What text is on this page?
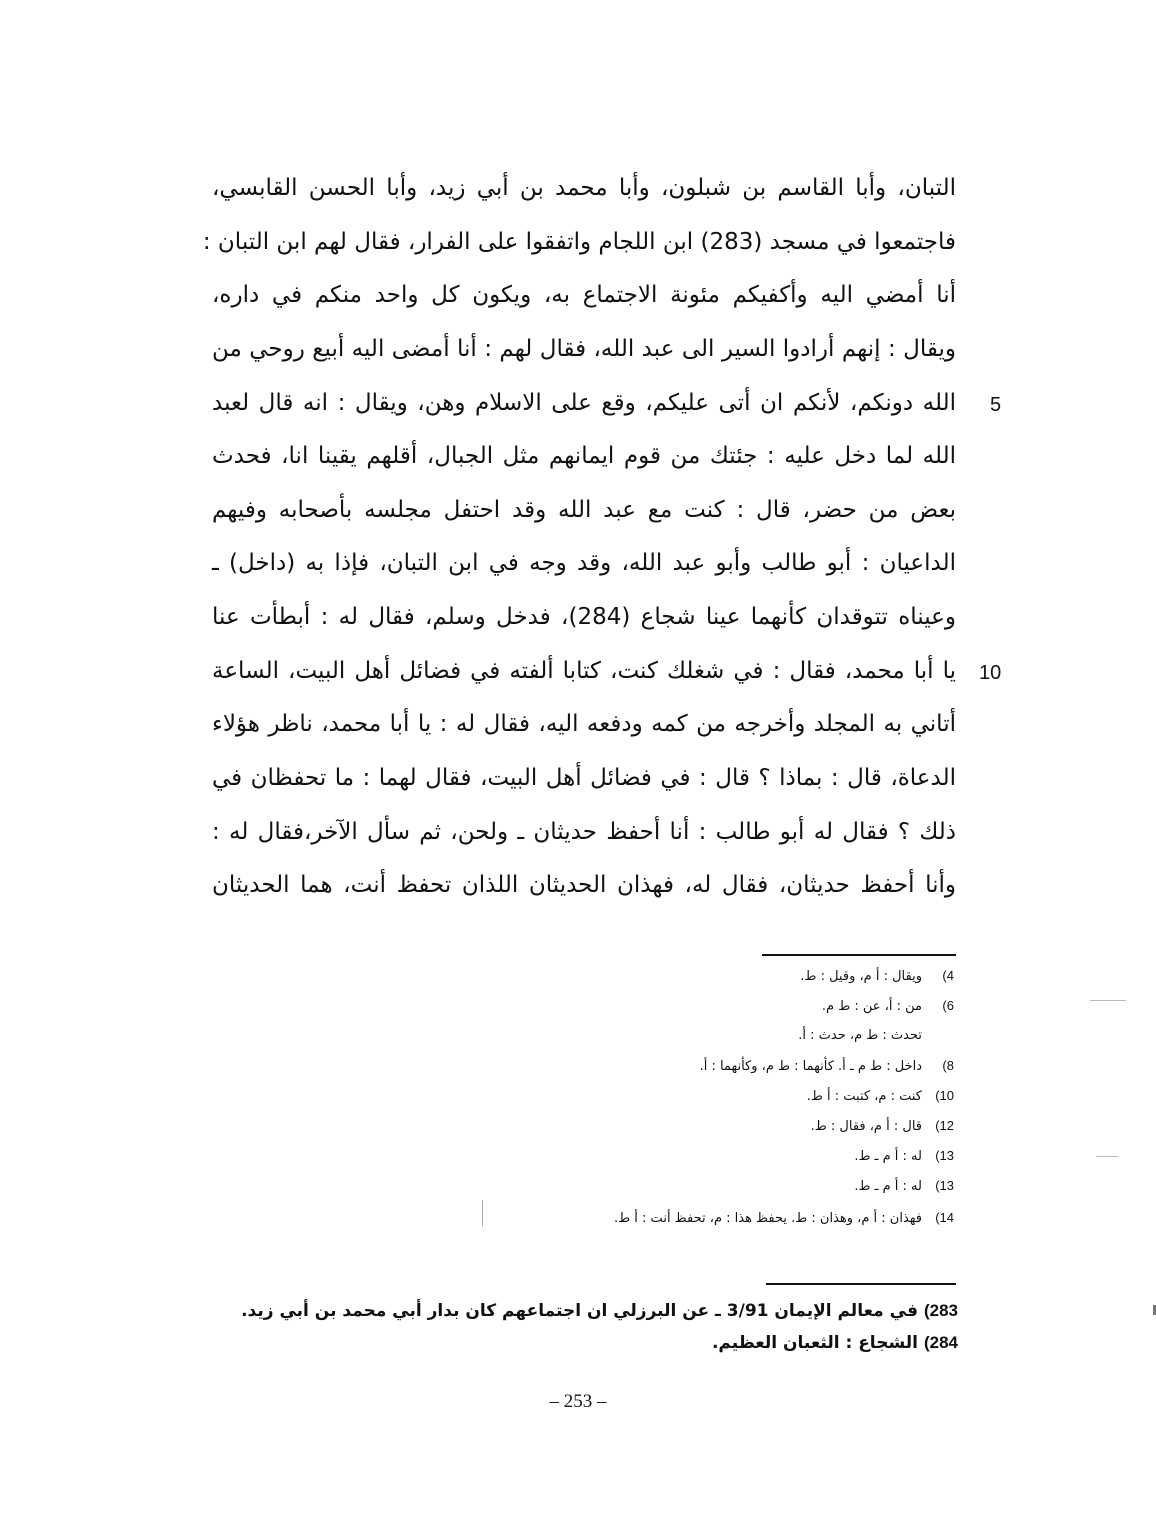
التبان، وأبا القاسم بن شبلون، وأبا محمد بن أبي زيد، وأبا الحسن القابسي،
فاجتمعوا في مسجد (283) ابن اللجام واتفقوا على الفرار، فقال لهم ابن التبان :
أنا أمضي اليه وأكفيكم مئونة الاجتماع به، ويكون كل واحد منكم في داره،
ويقال : إنهم أرادوا السير الى عبد الله، فقال لهم : أنا أمضى اليه أبيع روحي من
الله دونكم، لأنكم ان أتى عليكم، وقع على الاسلام وهن، ويقال : انه قال لعبد
الله لما دخل عليه : جئتك من قوم ايمانهم مثل الجبال، أقلهم يقينا انا، فحدث
بعض من حضر، قال : كنت مع عبد الله وقد احتفل مجلسه بأصحابه وفيهم
الداعيان : أبو طالب وأبو عبد الله، وقد وجه في ابن التبان، فإذا به (داخل) ـ
وعيناه تتوقدان كأنهما عينا شجاع (284)، فدخل وسلم، فقال له : أبطأت عنا
يا أبا محمد، فقال : في شغلك كنت، كتابا ألفته في فضائل أهل البيت، الساعة
أتاني به المجلد وأخرجه من كمه ودفعه اليه، فقال له : يا أبا محمد، ناظر هؤلاء
الدعاة، قال : بماذا ؟ قال : في فضائل أهل البيت، فقال لهما : ما تحفظان في
ذلك ؟ فقال له أبو طالب : أنا أحفظ حديثان ـ ولحن، ثم سأل الآخر،فقال له :
وأنا أحفظ حديثان، فقال له، فهذان الحديثان اللذان تحفظ أنت، هما الحديثان
5
10
4)ويقال : أ م، وقيل : ط.
6)من : أ، عن : ط م.
تحدث : ط م، حدث : أ.
8)داخل : ط م ـ أ. كأنهما : ط م، وكأنهما : أ.
10)كنت : م، كتبت : أ ط.
12)قال : أ م، فقال : ط.
13)له : أ م ـ ط.
13)له : أ م ـ ط.
14)فهذان : أ م، وهذان : ط. يحفظ هذا : م، تحفظ أنت : أ ط.
283)في معالم الإيمان 3/91 ـ عن البرزلي ان اجتماعهم كان بدار أبي محمد بن أبي زيد.
284)الشجاع : الثعبان العظيم.
– 253 –
